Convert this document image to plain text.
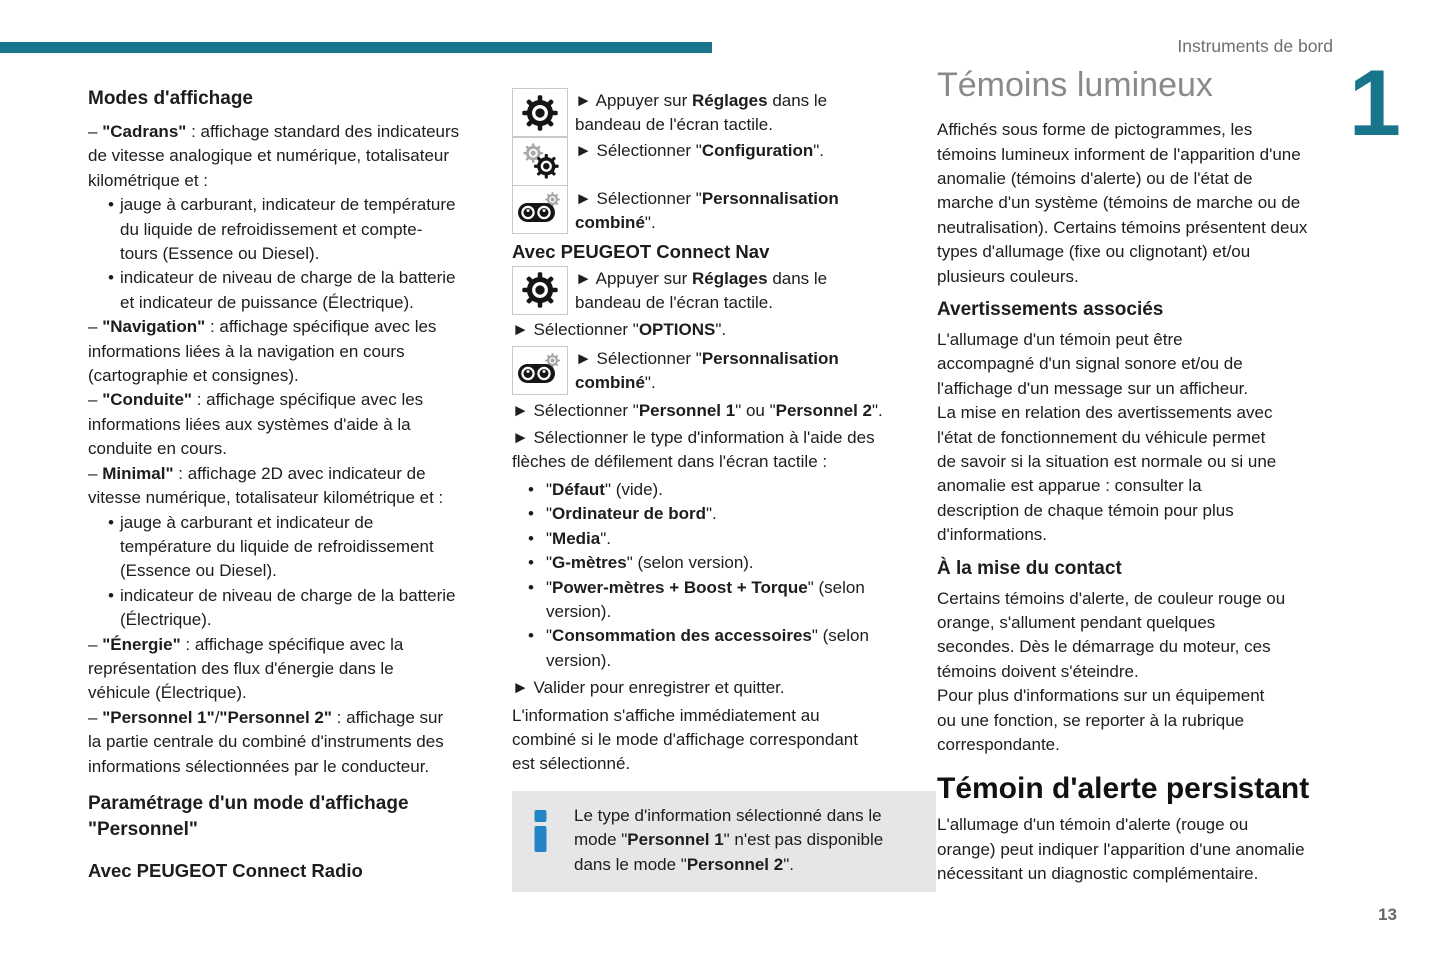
Instruments de bord
1
13
Modes d'affichage

– "Cadrans" : affichage standard des indicateurs de vitesse analogique et numérique, totalisateur kilométrique et :

• jauge à carburant, indicateur de température du liquide de refroidissement et compte-tours (Essence ou Diesel).

• indicateur de niveau de charge de la batterie et indicateur de puissance (Électrique).

– "Navigation" : affichage spécifique avec les informations liées à la navigation en cours (cartographie et consignes).

– "Conduite" : affichage spécifique avec les informations liées aux systèmes d'aide à la conduite en cours.

– Minimal" : affichage 2D avec indicateur de vitesse numérique, totalisateur kilométrique et :

• jauge à carburant et indicateur de température du liquide de refroidissement (Essence ou Diesel).

• indicateur de niveau de charge de la batterie (Électrique).

– "Énergie" : affichage spécifique avec la représentation des flux d'énergie dans le véhicule (Électrique).

– "Personnel 1"/"Personnel 2" : affichage sur la partie centrale du combiné d'instruments des informations sélectionnées par le conducteur.

Paramétrage d'un mode d'affichage "Personnel"
Avec PEUGEOT Connect Radio

► Appuyer sur Réglages dans le bandeau de l'écran tactile.

► Sélectionner "Configuration".

► Sélectionner "Personnalisation combiné".

Avec PEUGEOT Connect Nav

► Appuyer sur Réglages dans le bandeau de l'écran tactile.

► Sélectionner "OPTIONS".

► Sélectionner "Personnalisation combiné".

► Sélectionner "Personnel 1" ou "Personnel 2".

► Sélectionner le type d'information à l'aide des flèches de défilement dans l'écran tactile :

• "Défaut" (vide).

• "Ordinateur de bord".

• "Media".

• "G-mètres" (selon version).

• "Power-mètres + Boost + Torque" (selon version).

• "Consommation des accessoires" (selon version).

► Valider pour enregistrer et quitter.

L'information s'affiche immédiatement au combiné si le mode d'affichage correspondant est sélectionné.

Le type d'information sélectionné dans le mode "Personnel 1" n'est pas disponible dans le mode "Personnel 2".

Témoins lumineux

Affichés sous forme de pictogrammes, les témoins lumineux informent de l'apparition d'une anomalie (témoins d'alerte) ou de l'état de marche d'un système (témoins de marche ou de neutralisation). Certains témoins présentent deux types d'allumage (fixe ou clignotant) et/ou plusieurs couleurs.

Avertissements associés

L'allumage d'un témoin peut être accompagné d'un signal sonore et/ou de l'affichage d'un message sur un afficheur.

La mise en relation des avertissements avec l'état de fonctionnement du véhicule permet de savoir si la situation est normale ou si une anomalie est apparue : consulter la description de chaque témoin pour plus d'informations.

À la mise du contact

Certains témoins d'alerte, de couleur rouge ou orange, s'allument pendant quelques secondes. Dès le démarrage du moteur, ces témoins doivent s'éteindre.

Pour plus d'informations sur un équipement ou une fonction, se reporter à la rubrique correspondante.

Témoin d'alerte persistant

L'allumage d'un témoin d'alerte (rouge ou orange) peut indiquer l'apparition d'une anomalie nécessitant un diagnostic complémentaire.
